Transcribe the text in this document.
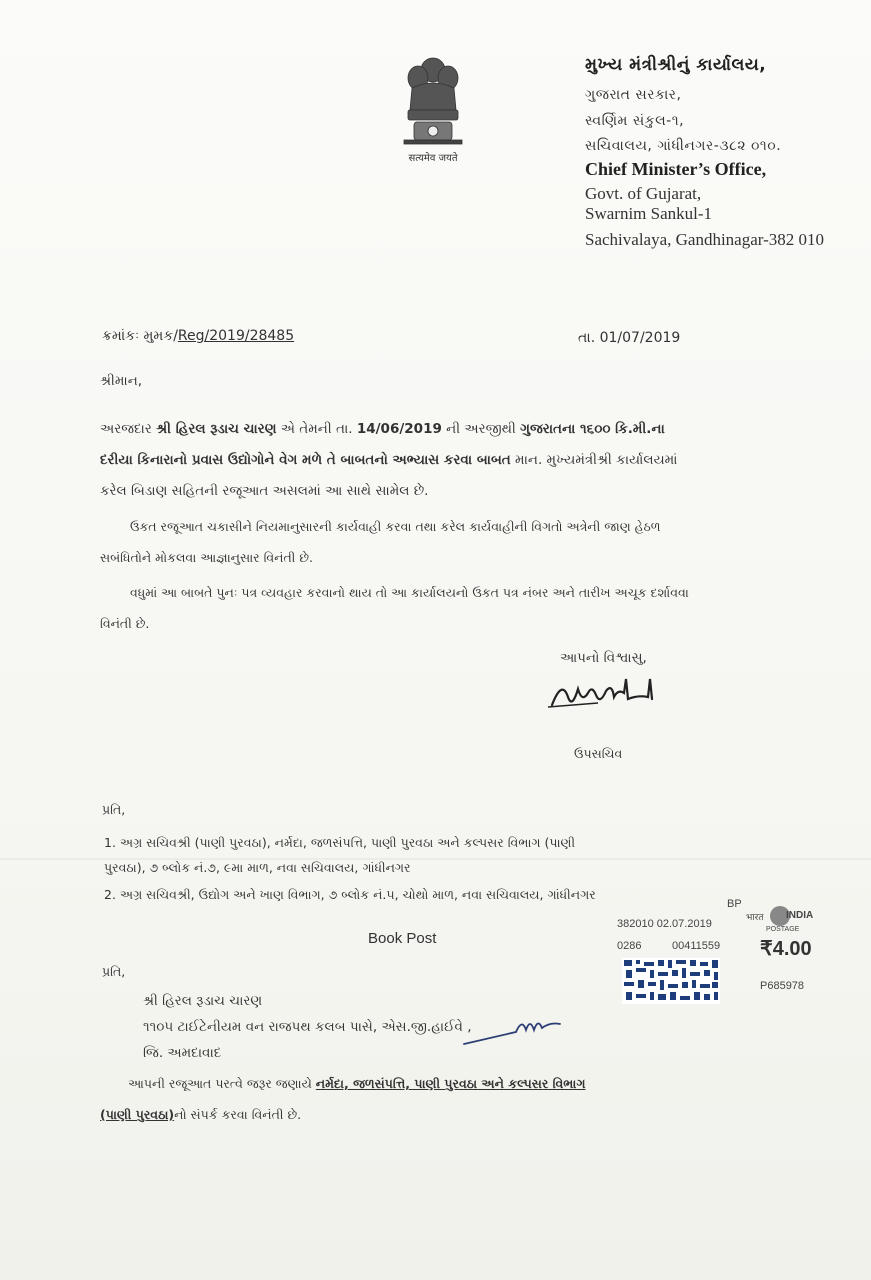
सत्यमेव जयते
મુખ્ય મંત્રીશ્રીનું કાર્યાલય,
ગુજરાત સરકાર,
સ્વર્ણિમ સંકુલ-૧,
સચિવાલય, ગાંધીનગર-૩૮૨ ૦૧૦.
Chief Minister’s Office,
Govt. of Gujarat,
Swarnim Sankul-1
Sachivalaya, Gandhinagar-382 010
ક્રમાંકઃ મુમક/Reg/2019/28485	તા. 01/07/2019
શ્રીમાન,
અરજદાર શ્રી હિરલ રૂડાચ ચારણ એ તેમની તા. 14/06/2019 ની અરજીથી ગુજરાતના ૧૬૦૦ કિ.મી.ના
દરીયા કિનારાનો પ્રવાસ ઉદ્યોગોને વેગ મળે તે બાબતનો અભ્યાસ કરવા બાબત માન. મુખ્યમંત્રીશ્રી કાર્યાલયમાં
કરેલ બિડાણ સહિતની રજૂઆત અસલમાં આ સાથે સામેલ છે.
ઉકત રજૂઆત ચકાસીને નિયમાનુસારની કાર્યવાહી કરવા તથા કરેલ કાર્યવાહીની વિગતો અત્રેની જાણ હેઠળ
સબંધિતોને મોકલવા આજ્ઞાનુસાર વિનંતી છે.
વધુમાં આ બાબતે પુનઃ પત્ર વ્યવહાર કરવાનો થાય તો આ કાર્યાલયનો ઉકત પત્ર નંબર અને તારીખ અચૂક દર્શાવવા
વિનંતી છે.
આપનો વિશ્વાસુ,
ઉપસચિવ
પ્રતિ,
1. અગ્ર સચિવશ્રી (પાણી પુરવઠા), નર્મદા, જળસંપત્તિ, પાણી પુરવઠા અને કલ્પસર વિભાગ (પાણી
પુરવઠા), ૭ બ્લોક નં.૭, ૯મા માળ, નવા સચિવાલય, ગાંધીનગર
2. અગ્ર સચિવશ્રી, ઉદ્યોગ અને ખાણ વિભાગ, ૭ બ્લોક નં.૫, ચોથો માળ, નવા સચિવાલય, ગાંધીનગર
BP
382010 02.07.2019
0286	00411559
भारत INDIA
POSTAGE
₹4.00
P685978
Book Post
પ્રતિ,
શ્રી હિરલ રૂડાચ ચારણ
૧૧૦૫ ટાઈટેનીયમ વન રાજપથ કલબ પાસે, એસ.જી.હાઈવે ,
જિ. અમદાવાદ
આપની રજૂઆત પરત્વે જરૂર જણાયે નર્મદા, જળસંપત્તિ, પાણી પુરવઠા અને કલ્પસર વિભાગ
(પાણી પુરવઠા)નો સંપર્ક કરવા વિનંતી છે.
